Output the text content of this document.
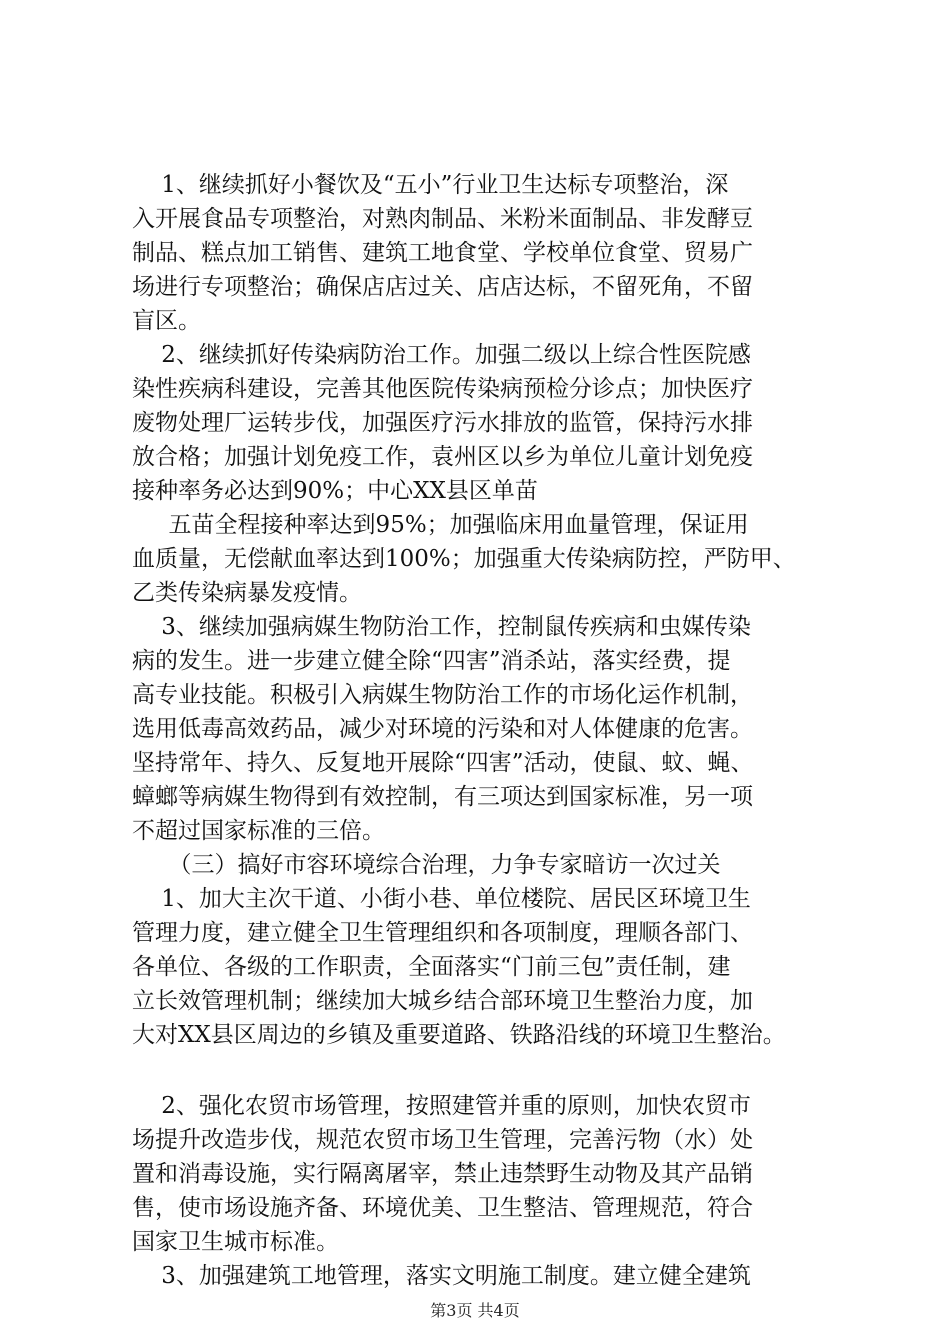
1、继续抓好小餐饮及“五小”行业卫生达标专项整治，深
入开展食品专项整治，对熟肉制品、米粉米面制品、非发酵豆
制品、糕点加工销售、建筑工地食堂、学校单位食堂、贸易广
场进行专项整治；确保店店过关、店店达标，不留死角，不留
盲区。
2、继续抓好传染病防治工作。加强二级以上综合性医院感
染性疾病科建设，完善其他医院传染病预检分诊点；加快医疗
废物处理厂运转步伐，加强医疗污水排放的监管，保持污水排
放合格；加强计划免疫工作，袁州区以乡为单位儿童计划免疫
接种率务必达到90%；中心XX县区单苗
五苗全程接种率达到95%；加强临床用血量管理，保证用
血质量，无偿献血率达到100%；加强重大传染病防控，严防甲、
乙类传染病暴发疫情。
3、继续加强病媒生物防治工作，控制鼠传疾病和虫媒传染
病的发生。进一步建立健全除“四害”消杀站，落实经费，提
高专业技能。积极引入病媒生物防治工作的市场化运作机制，
选用低毒高效药品，减少对环境的污染和对人体健康的危害。
坚持常年、持久、反复地开展除“四害”活动，使鼠、蚊、蝇、
蟑螂等病媒生物得到有效控制，有三项达到国家标准，另一项
不超过国家标准的三倍。
（三）搞好市容环境综合治理，力争专家暗访一次过关
1、加大主次干道、小街小巷、单位楼院、居民区环境卫生
管理力度，建立健全卫生管理组织和各项制度，理顺各部门、
各单位、各级的工作职责，全面落实“门前三包”责任制，建
立长效管理机制；继续加大城乡结合部环境卫生整治力度，加
大对XX县区周边的乡镇及重要道路、铁路沿线的环境卫生整治。
2、强化农贸市场管理，按照建管并重的原则，加快农贸市
场提升改造步伐，规范农贸市场卫生管理，完善污物（水）处
置和消毒设施，实行隔离屠宰，禁止违禁野生动物及其产品销
售，使市场设施齐备、环境优美、卫生整洁、管理规范，符合
国家卫生城市标准。
3、加强建筑工地管理，落实文明施工制度。建立健全建筑
第3页 共4页
